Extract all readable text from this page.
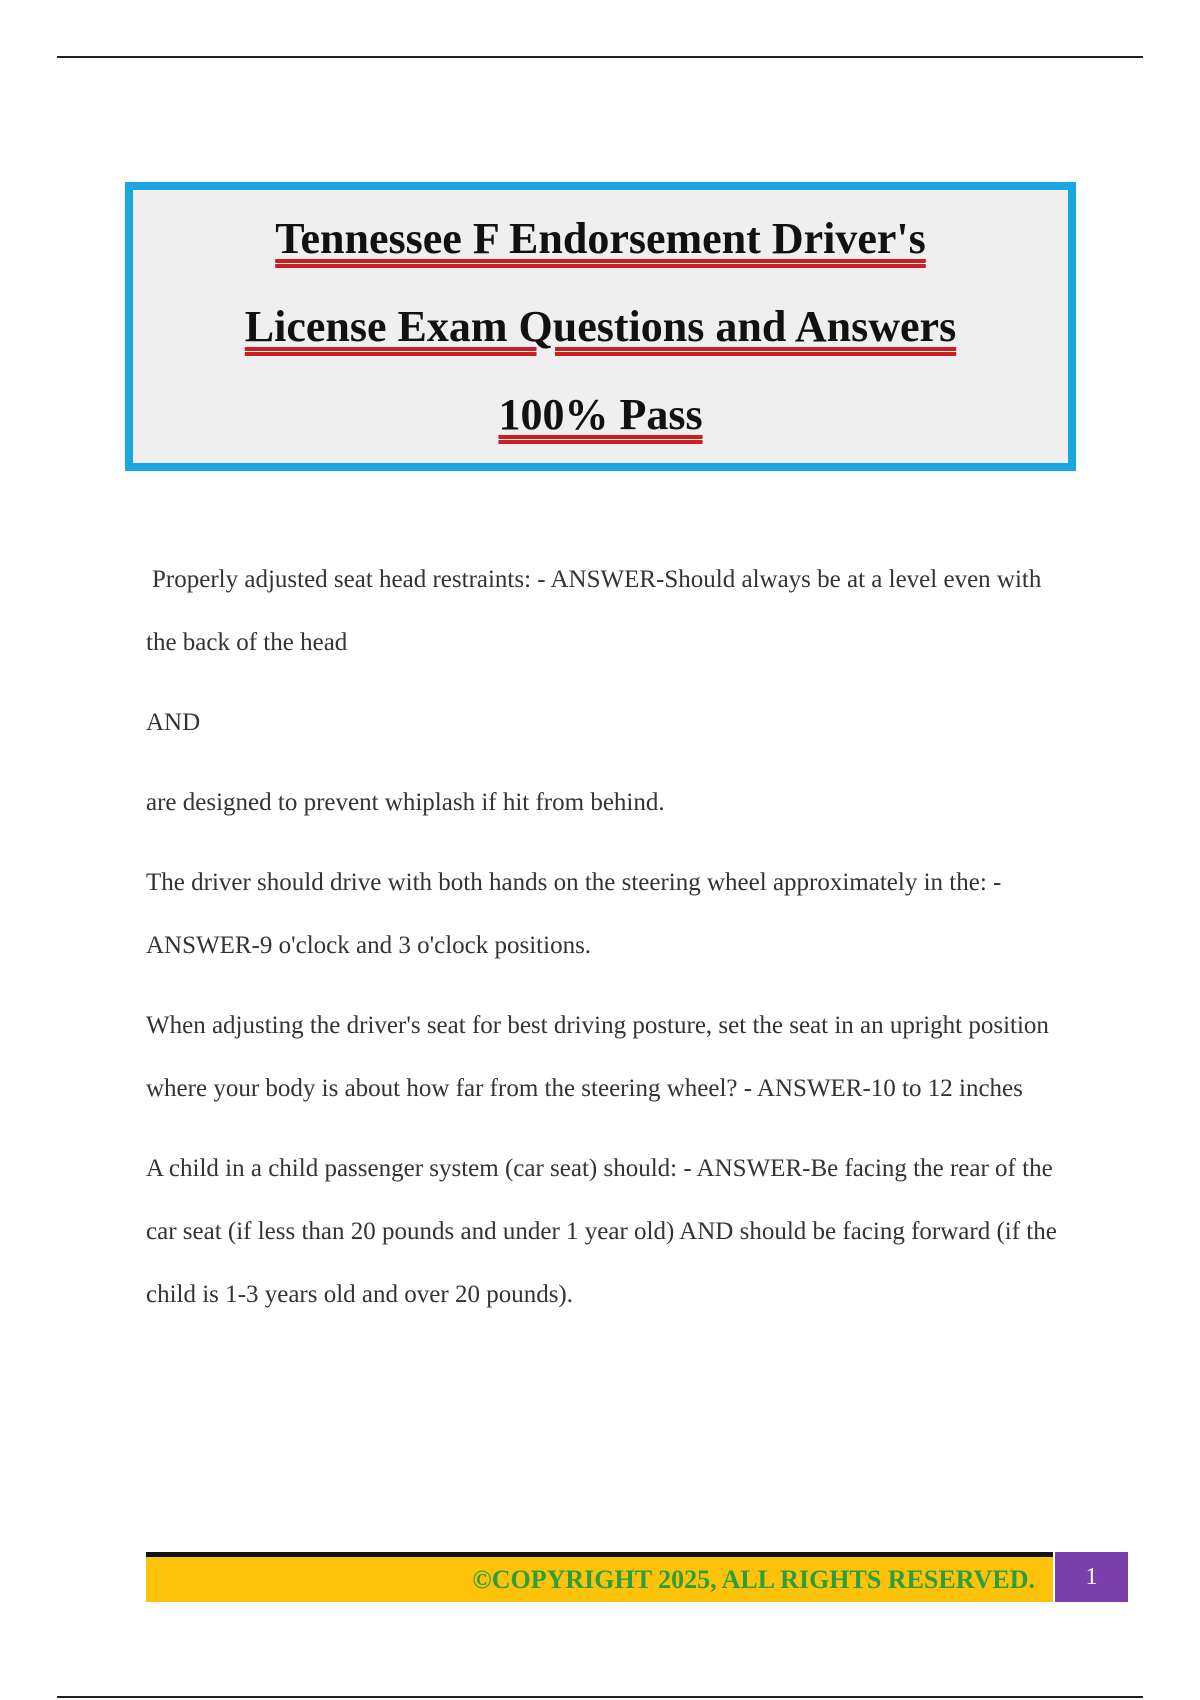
Tennessee F Endorsement Driver's
License Exam Questions and Answers
100% Pass

Properly adjusted seat head restraints: - ANSWER-Should always be at a level even with the back of the head

AND

are designed to prevent whiplash if hit from behind.

The driver should drive with both hands on the steering wheel approximately in the: - ANSWER-9 o'clock and 3 o'clock positions.

When adjusting the driver's seat for best driving posture, set the seat in an upright position where your body is about how far from the steering wheel? - ANSWER-10 to 12 inches

A child in a child passenger system (car seat) should: - ANSWER-Be facing the rear of the car seat (if less than 20 pounds and under 1 year old) AND should be facing forward (if the child is 1-3 years old and over 20 pounds).

©COPYRIGHT 2025, ALL RIGHTS RESERVED.	1
